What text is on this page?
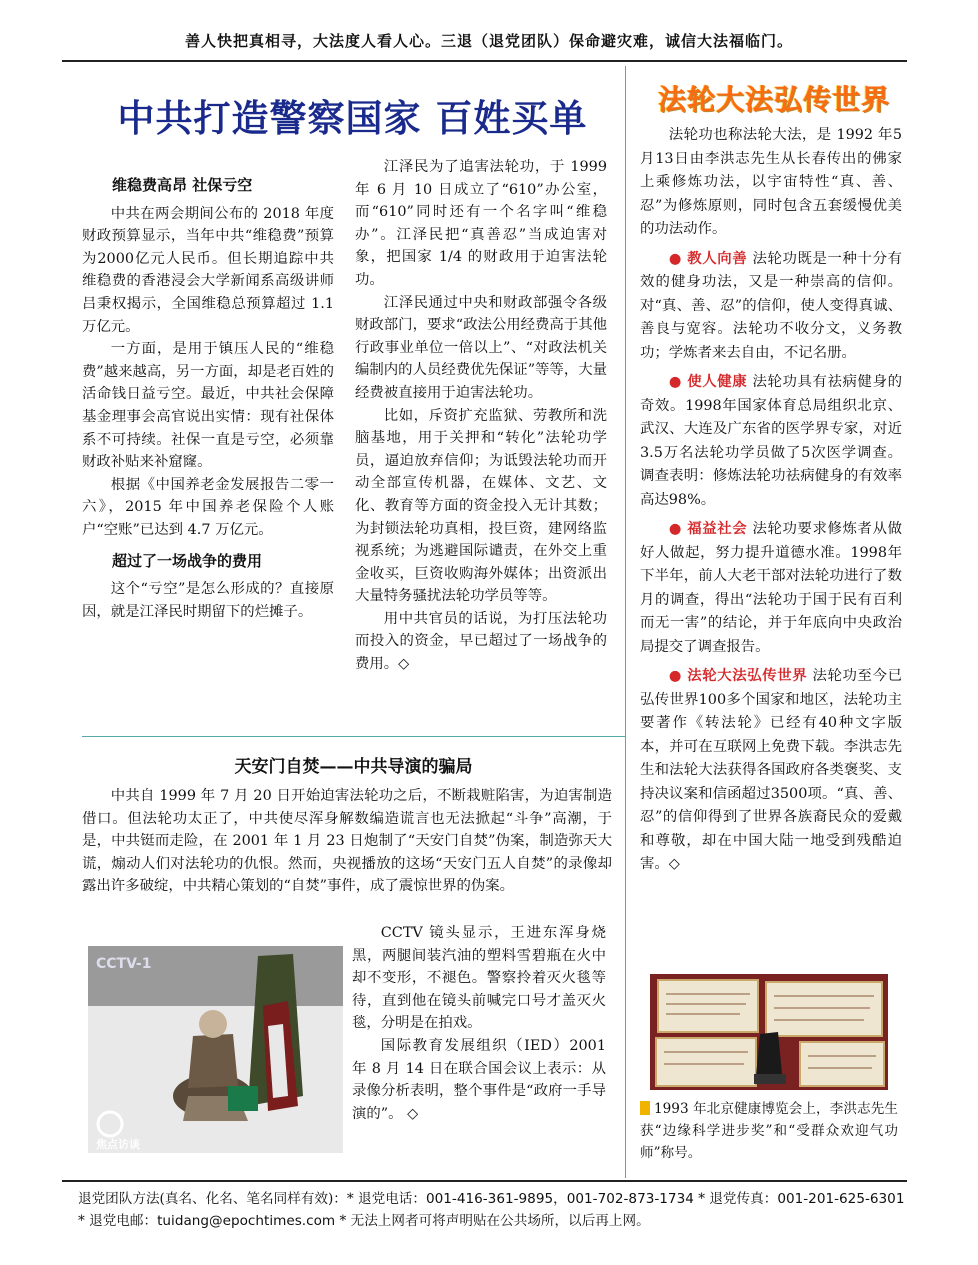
善人快把真相寻，大法度人看人心。三退（退党团队）保命避灾难，诚信大法福临门。
中共打造警察国家 百姓买单
维稳费高昂 社保亏空

中共在两会期间公布的 2018 年度财政预算显示，当年中共“维稳费”预算为2000亿元人民币。但长期追踪中共维稳费的香港浸会大学新闻系高级讲师吕秉权揭示，全国维稳总预算超过 1.1 万亿元。

一方面，是用于镇压人民的“维稳费”越来越高，另一方面，却是老百姓的活命钱日益亏空。最近，中共社会保障基金理事会高官说出实情：现有社保体系不可持续。社保一直是亏空，必须靠财政补贴来补窟窿。

根据《中国养老金发展报告二零一六》，2015 年中国养老保险个人账户“空账”已达到 4.7 万亿元。

超过了一场战争的费用

这个“亏空”是怎么形成的？直接原因，就是江泽民时期留下的烂摊子。

江泽民为了追害法轮功，于 1999 年 6 月 10 日成立了“610”办公室，而“610”同时还有一个名字叫“维稳办”。江泽民把“真善忍”当成迫害对象，把国家 1/4 的财政用于迫害法轮功。

江泽民通过中央和财政部强令各级财政部门，要求“政法公用经费高于其他行政事业单位一倍以上”、“对政法机关编制内的人员经费优先保证”等等，大量经费被直接用于迫害法轮功。

比如，斥资扩充监狱、劳教所和洗脑基地，用于关押和“转化”法轮功学员，逼迫放弃信仰；为诋毁法轮功而开动全部宣传机器，在媒体、文艺、文化、教育等方面的资金投入无计其数；为封锁法轮功真相，投巨资，建网络监视系统；为逃避国际谴责，在外交上重金收买，巨资收购海外媒体；出资派出大量特务骚扰法轮功学员等等。

用中共官员的话说，为打压法轮功而投入的资金，早已超过了一场战争的费用。◇

天安门自焚——中共导演的骗局

中共自 1999 年 7 月 20 日开始迫害法轮功之后，不断栽赃陷害，为迫害制造借口。但法轮功太正了，中共使尽浑身解数编造谎言也无法掀起“斗争”高潮，于是，中共铤而走险，在 2001 年 1 月 23 日炮制了“天安门自焚”伪案，制造弥天大谎，煽动人们对法轮功的仇恨。然而，央视播放的这场“天安门五人自焚”的录像却露出许多破绽，中共精心策划的“自焚”事件，成了震惊世界的伪案。

CCTV-1
焦点访谈

CCTV 镜头显示，王进东浑身烧黑，两腿间装汽油的塑料雪碧瓶在火中却不变形，不褪色。警察拎着灭火毯等待，直到他在镜头前喊完口号才盖灭火毯，分明是在拍戏。

国际教育发展组织（IED）2001 年 8 月 14 日在联合国会议上表示：从录像分析表明，整个事件是“政府一手导演的”。 ◇

法轮大法弘传世界

法轮功也称法轮大法，是 1992 年5月13日由李洪志先生从长春传出的佛家上乘修炼功法，以宇宙特性“真、善、忍”为修炼原则，同时包含五套缓慢优美的功法动作。

● 教人向善 法轮功既是一种十分有效的健身功法，又是一种崇高的信仰。对“真、善、忍”的信仰，使人变得真诚、善良与宽容。法轮功不收分文，义务教功；学炼者来去自由，不记名册。

● 使人健康 法轮功具有祛病健身的奇效。1998年国家体育总局组织北京、武汉、大连及广东省的医学界专家，对近3.5万名法轮功学员做了5次医学调查。调查表明：修炼法轮功祛病健身的有效率高达98%。

● 福益社会 法轮功要求修炼者从做好人做起，努力提升道德水准。1998年下半年，前人大老干部对法轮功进行了数月的调查，得出“法轮功于国于民有百利而无一害”的结论，并于年底向中央政治局提交了调查报告。

● 法轮大法弘传世界 法轮功至今已弘传世界100多个国家和地区，法轮功主要著作《转法轮》已经有40种文字版本，并可在互联网上免费下载。李洪志先生和法轮大法获得各国政府各类褒奖、支持决议案和信函超过3500项。“真、善、忍”的信仰得到了世界各族裔民众的爱戴和尊敬，却在中国大陆一地受到残酷迫害。◇

1993 年北京健康博览会上，李洪志先生获“边缘科学进步奖”和“受群众欢迎气功师”称号。
退党团队方法(真名、化名、笔名同样有效)：* 退党电话：001-416-361-9895，001-702-873-1734 * 退党传真：001-201-625-6301 * 退党电邮：tuidang@epochtimes.com * 无法上网者可将声明贴在公共场所，以后再上网。
